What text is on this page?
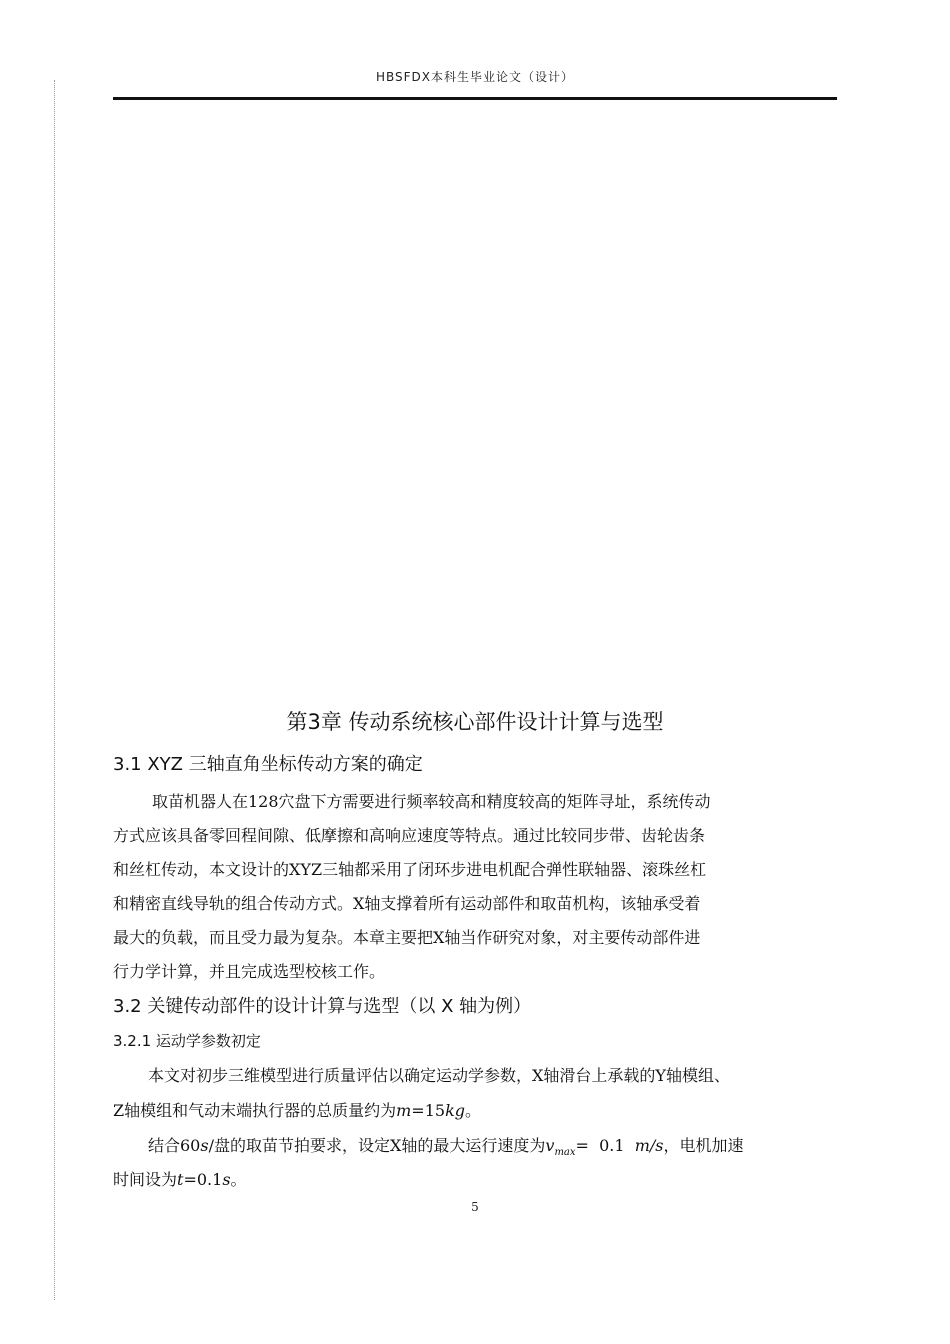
HBSFDX本科生毕业论文（设计）
第3章 传动系统核心部件设计计算与选型
3.1 XYZ 三轴直角坐标传动方案的确定
取苗机器人在128穴盘下方需要进行频率较高和精度较高的矩阵寻址，系统传动
方式应该具备零回程间隙、低摩擦和高响应速度等特点。通过比较同步带、齿轮齿条
和丝杠传动，本文设计的XYZ三轴都采用了闭环步进电机配合弹性联轴器、滚珠丝杠
和精密直线导轨的组合传动方式。X轴支撑着所有运动部件和取苗机构，该轴承受着
最大的负载，而且受力最为复杂。本章主要把X轴当作研究对象，对主要传动部件进
行力学计算，并且完成选型校核工作。
3.2 关键传动部件的设计计算与选型（以 X 轴为例）
3.2.1 运动学参数初定
本文对初步三维模型进行质量评估以确定运动学参数，X轴滑台上承载的Y轴模组、
Z轴模组和气动末端执行器的总质量约为m=15kg。
结合60s/盘的取苗节拍要求，设定X轴的最大运行速度为$v_{max}= 0.1$  m/s，电机加速
时间设为t=0.1s。
5
